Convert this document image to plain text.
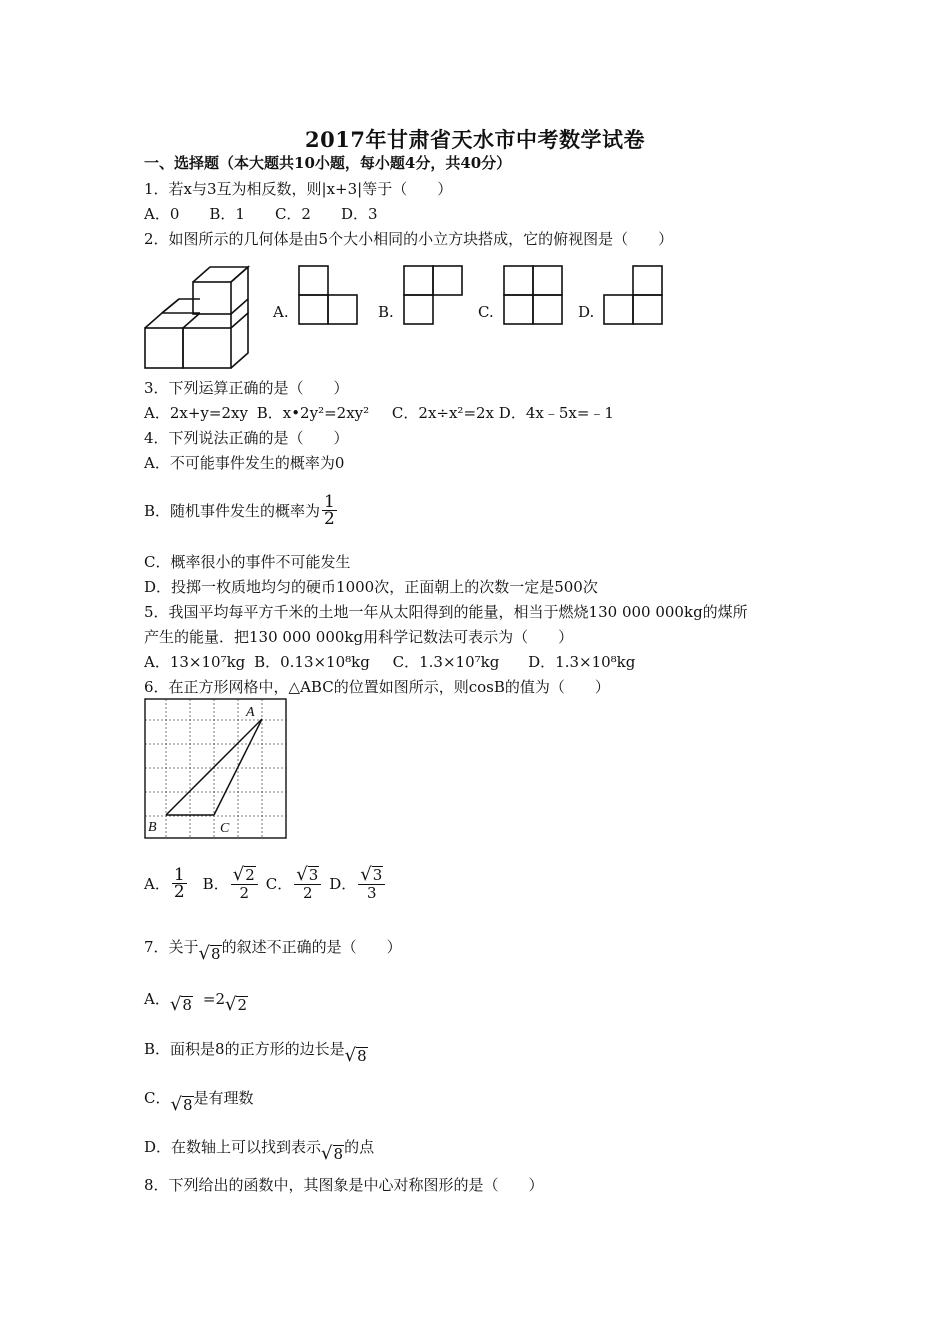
2017年甘肃省天水市中考数学试卷
一、选择题（本大题共10小题，每小题4分，共40分）
1．若x与3互为相反数，则|x+3|等于（　　）
A．0　　B．1　　C．2　　D．3
2．如图所示的几何体是由5个大小相同的小立方块搭成，它的俯视图是（　　）
A.	B.	C.	D.
3．下列运算正确的是（　　）
A．2x+y=2xy B．x•2y²=2xy² C．2x÷x²=2x D．4x﹣5x=﹣1
4．下列说法正确的是（　　）
A．不可能事件发生的概率为0
B．随机事件发生的概率为 $\frac{1}{2}$
C．概率很小的事件不可能发生
D．投掷一枚质地均匀的硬币1000次，正面朝上的次数一定是500次
5．我国平均每平方千米的土地一年从太阳得到的能量，相当于燃烧130 000 000kg的煤所
产生的能量．把130 000 000kg用科学记数法可表示为（　　）
A．13×10⁷kg B．0.13×10⁸kg C．1.3×10⁷kg D．1.3×10⁸kg
6．在正方形网格中，△ABC的位置如图所示，则cosB的值为（　　）
A
B	C
A． $\frac{1}{2}$ B． $\frac{√ 2}{2}$ C． $\frac{√ 3}{2}$ D． $\frac{√ 3}{3}$
7．关于 √ 8 的叙述不正确的是（　　）
A． √ 8 =2 √ 2
B．面积是8的正方形的边长是 √ 8
C． √ 8 是有理数
D．在数轴上可以找到表示 √ 8 的点
8．下列给出的函数中，其图象是中心对称图形的是（　　）
